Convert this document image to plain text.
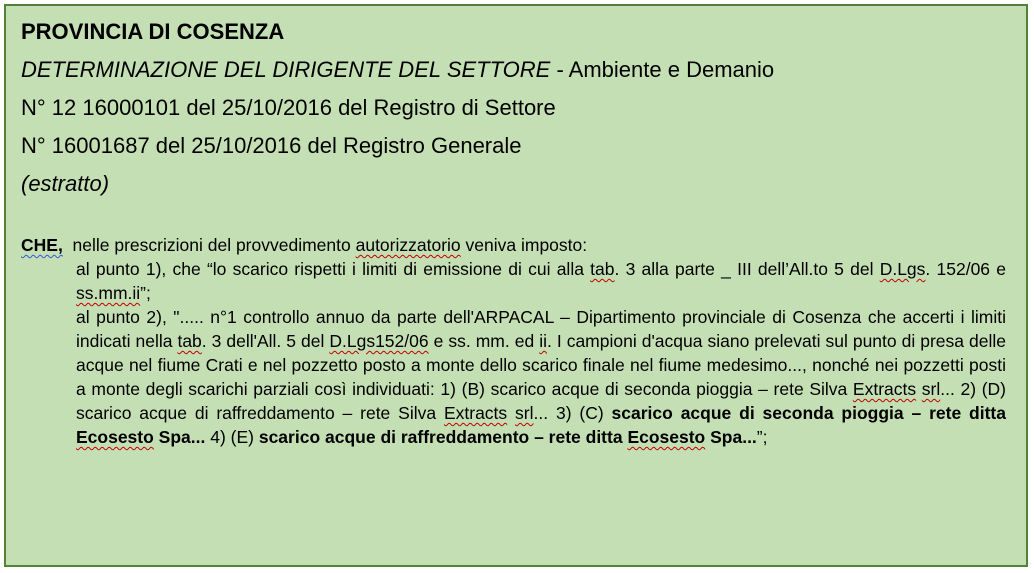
PROVINCIA DI COSENZA
DETERMINAZIONE DEL DIRIGENTE DEL SETTORE - Ambiente e Demanio
N° 12 16000101 del 25/10/2016 del Registro di Settore
N° 16001687 del 25/10/2016 del Registro Generale
(estratto)
CHE,  nelle prescrizioni del provvedimento autorizzatorio veniva imposto:
al punto 1), che “lo scarico rispetti i limiti di emissione di cui alla tab. 3 alla parte _ III dell’All.to 5 del D.Lgs. 152/06 e ss.mm.ii”;
al punto 2), "..... n°1 controllo annuo da parte dell'ARPACAL – Dipartimento provinciale di Cosenza che accerti i limiti indicati nella tab. 3 dell'All. 5 del D.Lgs152/06 e ss. mm. ed ii. I campioni d'acqua siano prelevati sul punto di presa delle acque nel fiume Crati e nel pozzetto posto a monte dello scarico finale nel fiume medesimo..., nonché nei pozzetti posti a monte degli scarichi parziali così individuati: 1) (B) scarico acque di seconda pioggia – rete Silva Extracts srl... 2) (D) scarico acque di raffreddamento – rete Silva Extracts srl... 3) (C) scarico acque di seconda pioggia – rete ditta Ecosesto Spa... 4) (E) scarico acque di raffreddamento – rete ditta Ecosesto Spa...”;
